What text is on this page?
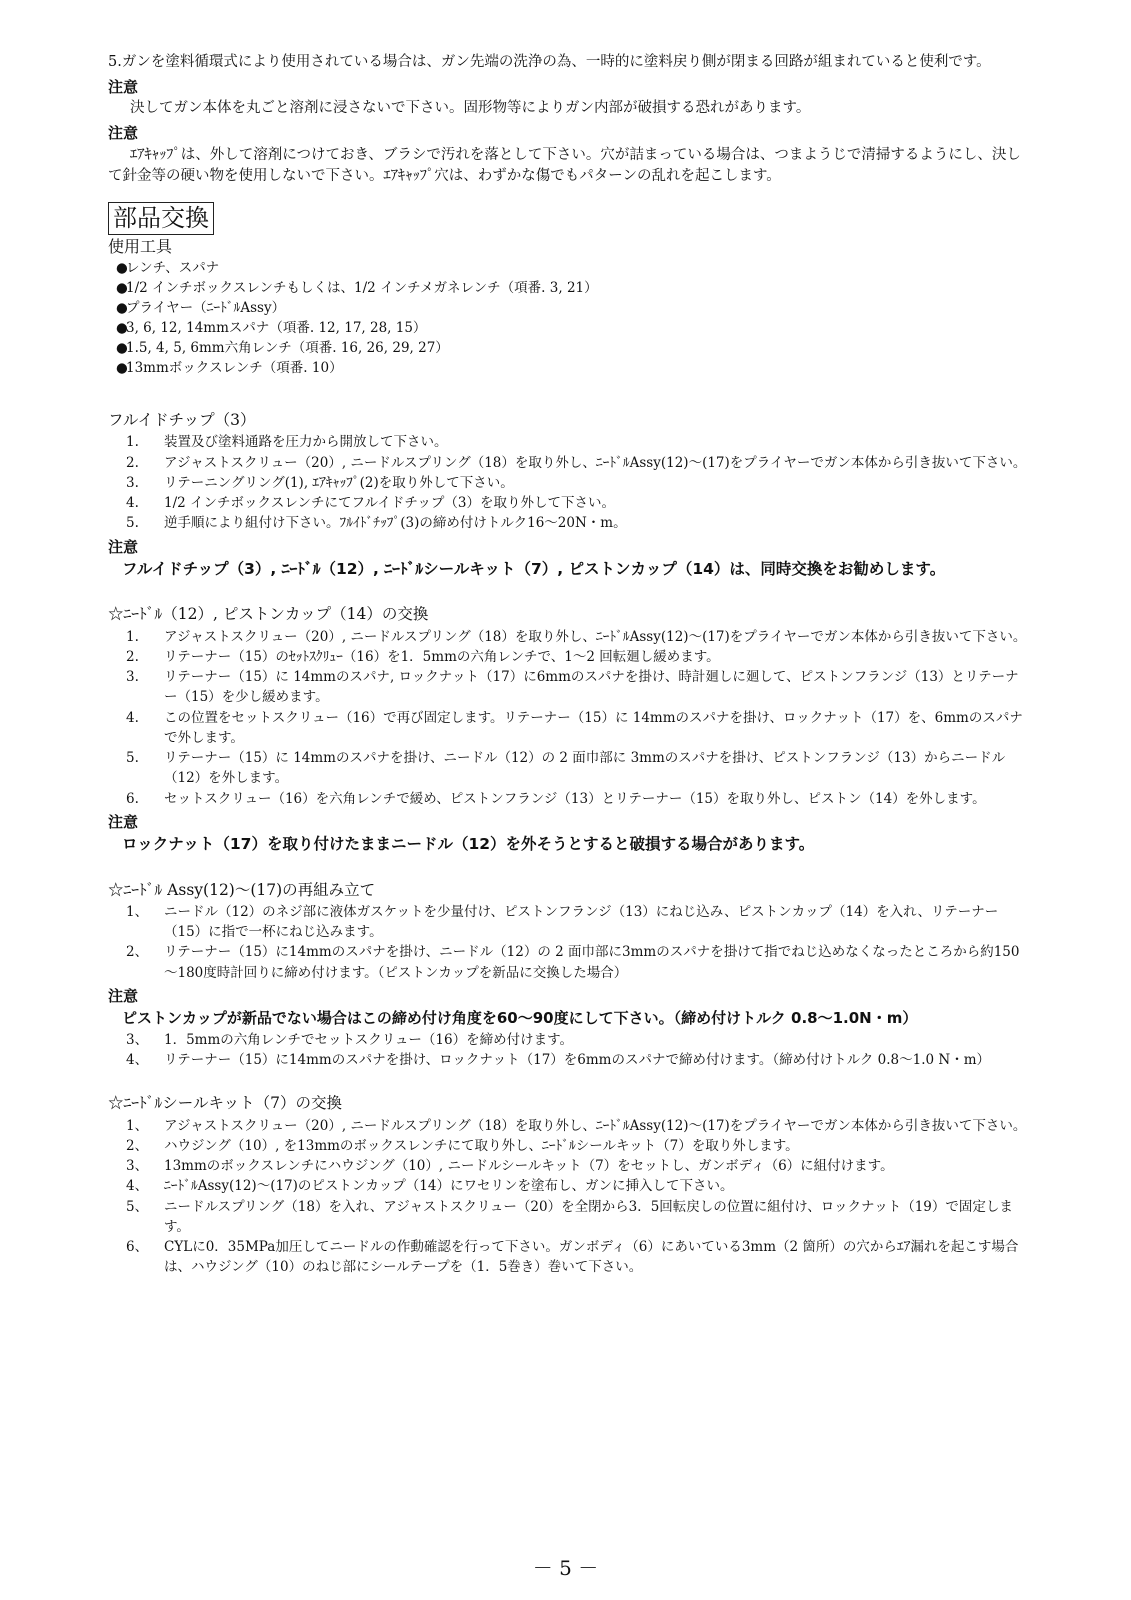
5.ガンを塗料循環式により使用されている場合は、ガン先端の洗浄の為、一時的に塗料戻り側が閉まる回路が組まれていると使利です。

注意

決してガン本体を丸ごと溶剤に浸さないで下さい。固形物等によりガン内部が破損する恐れがあります。

注意

ｴｱｷｬｯﾌﾟは、外して溶剤につけておき、ブラシで汚れを落として下さい。穴が詰まっている場合は、つまようじで清掃するようにし、決して針金等の硬い物を使用しないで下さい。ｴｱｷｬｯﾌﾟ穴は、わずかな傷でもパターンの乱れを起こします。

部品交換

使用工具

●レンチ、スパナ
●1/2 インチボックスレンチもしくは、1/2 インチメガネレンチ（項番. 3, 21）
●プライヤー（ﾆｰﾄﾞﾙAssy）
●3, 6, 12, 14mmスパナ（項番. 12, 17, 28, 15）
●1.5, 4, 5, 6mm六角レンチ（項番. 16, 26, 29, 27）
●13mmボックスレンチ（項番. 10）

フルイドチップ（3）

1.	装置及び塗料通路を圧力から開放して下さい。
2.	アジャストスクリュー（20）, ニードルスプリング（18）を取り外し、ﾆｰﾄﾞﾙAssy(12)～(17)をプライヤーでガン本体から引き抜いて下さい。
3.	リテーニングリング(1), ｴｱｷｬｯﾌﾟ(2)を取り外して下さい。
4.	1/2 インチボックスレンチにてフルイドチップ（3）を取り外して下さい。
5.	逆手順により組付け下さい。ﾌﾙｲﾄﾞﾁｯﾌﾟ(3)の締め付けトルク16～20N・m。

注意

フルイドチップ（3）, ﾆｰﾄﾞﾙ（12）, ﾆｰﾄﾞﾙシールキット（7）, ピストンカップ（14）は、同時交換をお勧めします。

☆ﾆｰﾄﾞﾙ（12）, ピストンカップ（14）の交換

1.	アジャストスクリュー（20）, ニードルスプリング（18）を取り外し、ﾆｰﾄﾞﾙAssy(12)～(17)をプライヤーでガン本体から引き抜いて下さい。
2.	リテーナー（15）のｾｯﾄｽｸﾘｭｰ（16）を1．5mmの六角レンチで、1～2 回転廻し緩めます。
3.	リテーナー（15）に 14mmのスパナ, ロックナット（17）に6mmのスパナを掛け、時計廻しに廻して、ピストンフランジ（13）とリテーナー（15）を少し緩めます。
4.	この位置をセットスクリュー（16）で再び固定します。リテーナー（15）に 14mmのスパナを掛け、ロックナット（17）を、6mmのスパナで外します。
5.	リテーナー（15）に 14mmのスパナを掛け、ニードル（12）の 2 面巾部に 3mmのスパナを掛け、ピストンフランジ（13）からニードル（12）を外します。
6.	セットスクリュー（16）を六角レンチで緩め、ピストンフランジ（13）とリテーナー（15）を取り外し、ピストン（14）を外します。

注意

ロックナット（17）を取り付けたままニードル（12）を外そうとすると破損する場合があります。

☆ﾆｰﾄﾞﾙ Assy(12)～(17)の再組み立て

1、	ニードル（12）のネジ部に液体ガスケットを少量付け、ピストンフランジ（13）にねじ込み、ピストンカップ（14）を入れ、リテーナー（15）に指で一杯にねじ込みます。
2、	リテーナー（15）に14mmのスパナを掛け、ニードル（12）の 2 面巾部に3mmのスパナを掛けて指でねじ込めなくなったところから約150～180度時計回りに締め付けます。（ピストンカップを新品に交換した場合）

注意

ピストンカップが新品でない場合はこの締め付け角度を60～90度にして下さい。（締め付けトルク 0.8～1.0N・m）

3、	1．5mmの六角レンチでセットスクリュー（16）を締め付けます。
4、	リテーナー（15）に14mmのスパナを掛け、ロックナット（17）を6mmのスパナで締め付けます。（締め付けトルク 0.8～1.0 N・m）

☆ﾆｰﾄﾞﾙシールキット（7）の交換

1、	アジャストスクリュー（20）, ニードルスプリング（18）を取り外し、ﾆｰﾄﾞﾙAssy(12)～(17)をプライヤーでガン本体から引き抜いて下さい。
2、	ハウジング（10）, を13mmのボックスレンチにて取り外し、ﾆｰﾄﾞﾙシールキット（7）を取り外します。
3、	13mmのボックスレンチにハウジング（10）, ニードルシールキット（7）をセットし、ガンボディ（6）に組付けます。
4、	ﾆｰﾄﾞﾙAssy(12)～(17)のピストンカップ（14）にワセリンを塗布し、ガンに挿入して下さい。
5、	ニードルスプリング（18）を入れ、アジャストスクリュー（20）を全閉から3．5回転戻しの位置に組付け、ロックナット（19）で固定します。
6、	CYLに0．35MPa加圧してニードルの作動確認を行って下さい。ガンボディ（6）にあいている3mm（2 箇所）の穴からｴｱ漏れを起こす場合は、ハウジング（10）のねじ部にシールテープを（1．5巻き）巻いて下さい。
－ 5 －
